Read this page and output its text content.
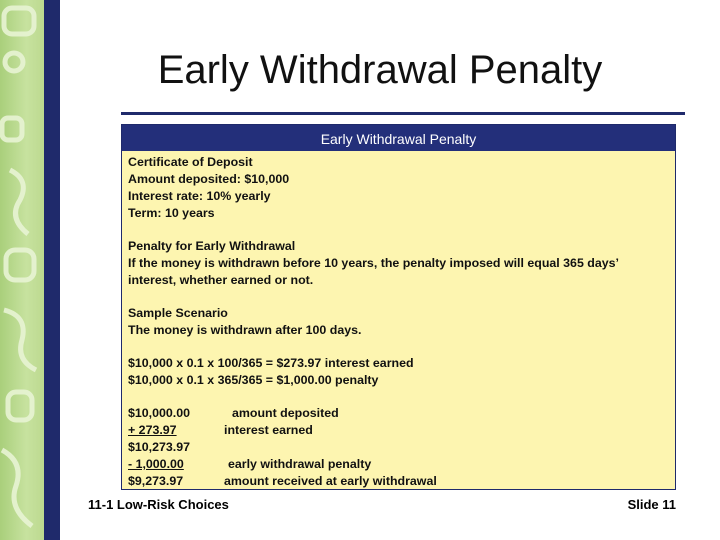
Early Withdrawal Penalty
Early Withdrawal Penalty
Certificate of Deposit
Amount deposited: $10,000
Interest rate: 10% yearly
Term: 10 years
Penalty for Early Withdrawal
If the money is withdrawn before 10 years, the penalty imposed will equal 365 days’ interest, whether earned or not.
Sample Scenario
The money is withdrawn after 100 days.
$10,000 x 0.1 x 100/365 = $273.97 interest earned
$10,000 x 0.1 x 365/365 = $1,000.00 penalty
$10,000.00	amount deposited
+ 273.97	interest earned
$10,273.97
- 1,000.00	early withdrawal penalty
$9,273.97	amount received at early withdrawal
11-1 Low-Risk Choices	Slide 11
